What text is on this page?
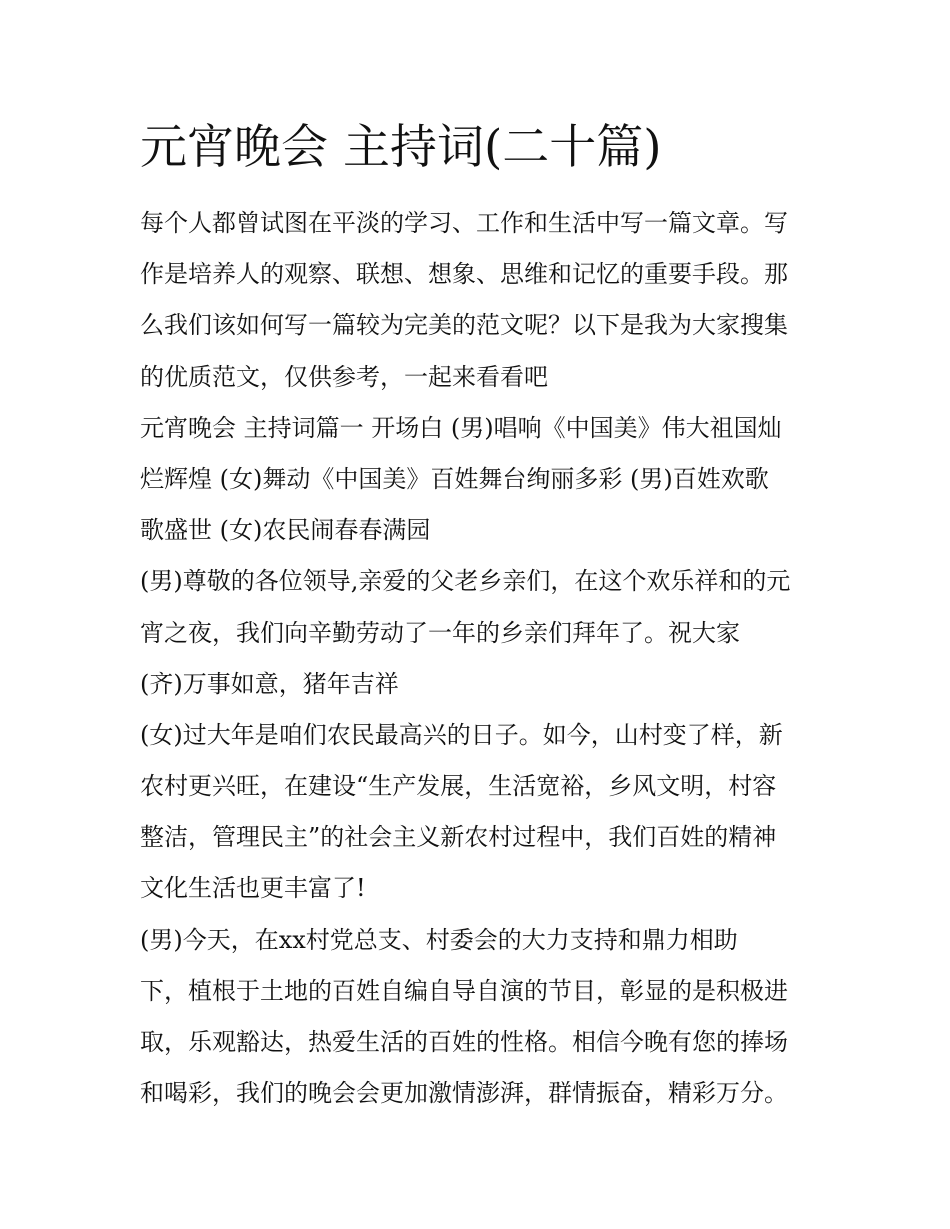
元宵晚会 主持词(二十篇)
每个人都曾试图在平淡的学习、工作和生活中写一篇文章。写
作是培养人的观察、联想、想象、思维和记忆的重要手段。那
么我们该如何写一篇较为完美的范文呢？以下是我为大家搜集
的优质范文，仅供参考，一起来看看吧
元宵晚会 主持词篇一 开场白 (男)唱响《中国美》伟大祖国灿
烂辉煌 (女)舞动《中国美》百姓舞台绚丽多彩 (男)百姓欢歌
歌盛世 (女)农民闹春春满园
(男)尊敬的各位领导,亲爱的父老乡亲们，在这个欢乐祥和的元
宵之夜，我们向辛勤劳动了一年的乡亲们拜年了。祝大家
(齐)万事如意，猪年吉祥
(女)过大年是咱们农民最高兴的日子。如今，山村变了样，新
农村更兴旺，在建设“生产发展，生活宽裕，乡风文明，村容
整洁，管理民主”的社会主义新农村过程中，我们百姓的精神
文化生活也更丰富了!
(男)今天，在xx村党总支、村委会的大力支持和鼎力相助
下，植根于土地的百姓自编自导自演的节目，彰显的是积极进
取，乐观豁达，热爱生活的百姓的性格。相信今晚有您的捧场
和喝彩，我们的晚会会更加激情澎湃，群情振奋，精彩万分。
